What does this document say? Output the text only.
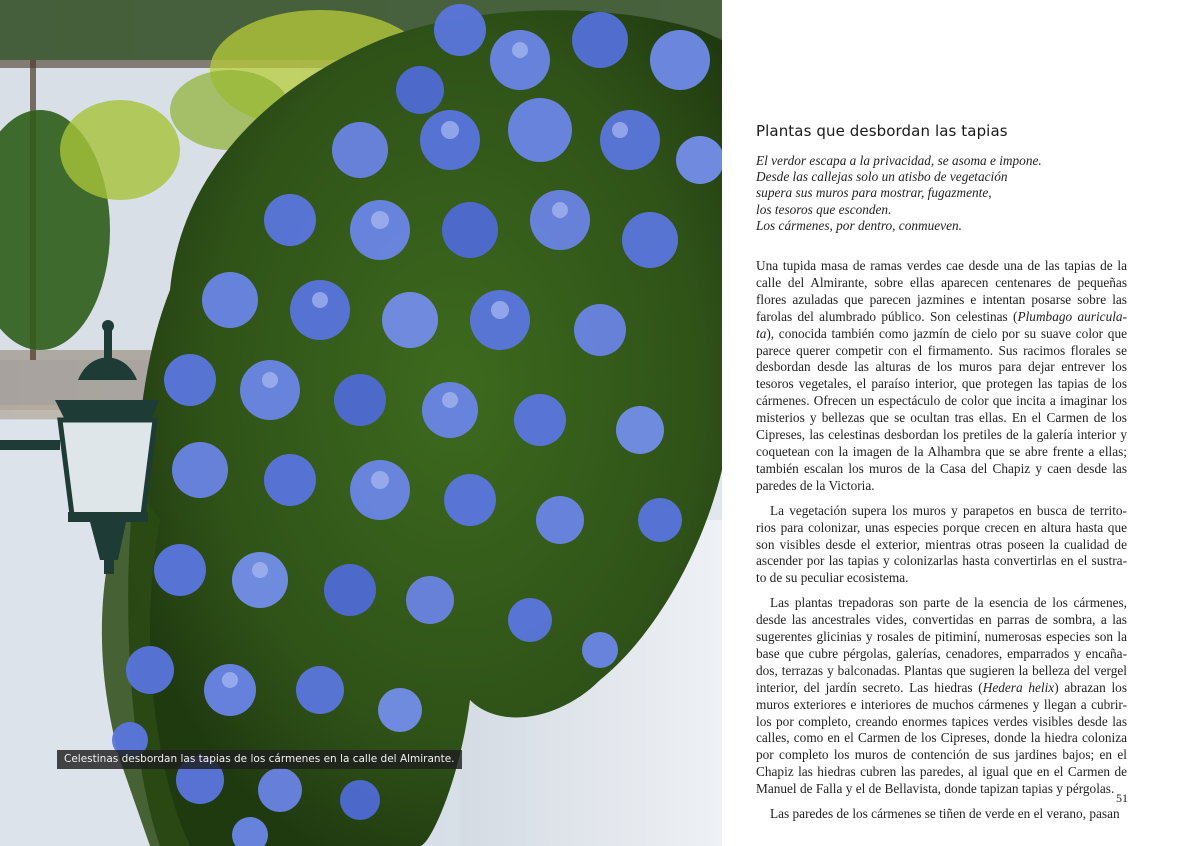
Celestinas desbordan las tapias de los cármenes en la calle del Almirante.
Plantas que desbordan las tapias
El verdor escapa a la privacidad, se asoma e impone.
Desde las callejas solo un atisbo de vegetación
supera sus muros para mostrar, fugazmente,
los tesoros que esconden.
Los cármenes, por dentro, conmueven.

Una tupida masa de ramas verdes cae desde una de las tapias de la calle del Almirante, sobre ellas aparecen centenares de pequeñas flores azuladas que parecen jazmines e intentan posarse sobre las farolas del alumbrado público. Son celestinas (Plumbago auricula-ta), conocida también como jazmín de cielo por su suave color que parece querer competir con el firmamento. Sus racimos florales se desbordan desde las alturas de los muros para dejar entrever los tesoros vegetales, el paraíso interior, que protegen las tapias de los cármenes. Ofrecen un espectáculo de color que incita a imaginar los misterios y bellezas que se ocultan tras ellas. En el Carmen de los Cipreses, las celestinas desbordan los pretiles de la galería interior y coquetean con la imagen de la Alhambra que se abre frente a ellas; también escalan los muros de la Casa del Chapiz y caen desde las paredes de la Victoria.

La vegetación supera los muros y parapetos en busca de territo-rios para colonizar, unas especies porque crecen en altura hasta que son visibles desde el exterior, mientras otras poseen la cualidad de ascender por las tapias y colonizarlas hasta convertirlas en el sustra-to de su peculiar ecosistema.

Las plantas trepadoras son parte de la esencia de los cármenes, desde las ancestrales vides, convertidas en parras de sombra, a las sugerentes glicinias y rosales de pitiminí, numerosas especies son la base que cubre pérgolas, galerías, cenadores, emparrados y encaña-dos, terrazas y balconadas. Plantas que sugieren la belleza del vergel interior, del jardín secreto. Las hiedras (Hedera helix) abrazan los muros exteriores e interiores de muchos cármenes y llegan a cubrir-los por completo, creando enormes tapices verdes visibles desde las calles, como en el Carmen de los Cipreses, donde la hiedra coloniza por completo los muros de contención de sus jardines bajos; en el Chapiz las hiedras cubren las paredes, al igual que en el Carmen de Manuel de Falla y el de Bellavista, donde tapizan tapias y pérgolas.

Las paredes de los cármenes se tiñen de verde en el verano, pasan

51
